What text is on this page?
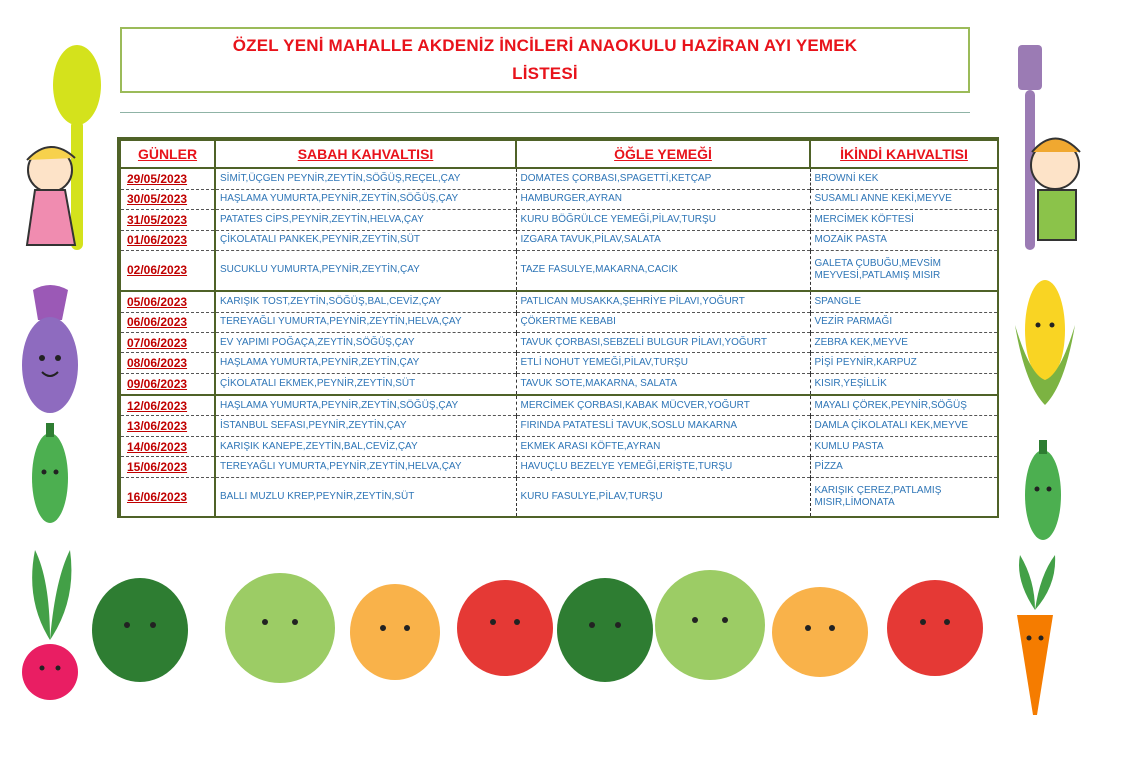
ÖZEL YENİ MAHALLE AKDENİZ İNCİLERİ ANAOKULU HAZİRAN AYI YEMEK
LİSTESİ
GÜNLER	SABAH KAHVALTISI	ÖĞLE YEMEĞİ	İKİNDİ KAHVALTISI
29/05/2023	SİMİT,ÜÇGEN PEYNİR,ZEYTİN,SÖĞÜŞ,REÇEL,ÇAY	DOMATES ÇORBASI,SPAGETTİ,KETÇAP	BROWNİ KEK
30/05/2023	HAŞLAMA YUMURTA,PEYNİR,ZEYTİN,SÖĞÜŞ,ÇAY	HAMBURGER,AYRAN	SUSAMLI ANNE KEKİ,MEYVE
31/05/2023	PATATES CİPS,PEYNİR,ZEYTİN,HELVA,ÇAY	KURU BÖĞRÜLCE YEMEĞİ,PİLAV,TURŞU	MERCİMEK KÖFTESİ
01/06/2023	ÇİKOLATALI PANKEK,PEYNİR,ZEYTİN,SÜT	IZGARA TAVUK,PİLAV,SALATA	MOZAİK PASTA
02/06/2023	SUCUKLU YUMURTA,PEYNİR,ZEYTİN,ÇAY	TAZE FASULYE,MAKARNA,CACIK	GALETA ÇUBUĞU,MEVSİM MEYVESİ,PATLAMIŞ MISIR
05/06/2023	KARIŞIK TOST,ZEYTİN,SÖĞÜŞ,BAL,CEVİZ,ÇAY	PATLICAN MUSAKKA,ŞEHRİYE PİLAVI,YOĞURT	SPANGLE
06/06/2023	TEREYAĞLI YUMURTA,PEYNİR,ZEYTİN,HELVA,ÇAY	ÇÖKERTME KEBABI	VEZİR PARMAĞI
07/06/2023	EV YAPIMI POĞAÇA,ZEYTİN,SÖĞÜŞ,ÇAY	TAVUK ÇORBASI,SEBZELİ BULGUR PİLAVI,YOĞURT	ZEBRA KEK,MEYVE
08/06/2023	HAŞLAMA YUMURTA,PEYNİR,ZEYTİN,ÇAY	ETLİ NOHUT YEMEĞİ,PİLAV,TURŞU	PİŞİ PEYNİR,KARPUZ
09/06/2023	ÇİKOLATALI EKMEK,PEYNİR,ZEYTİN,SÜT	TAVUK SOTE,MAKARNA, SALATA	KISIR,YEŞİLLİK
12/06/2023	HAŞLAMA YUMURTA,PEYNİR,ZEYTİN,SÖĞÜŞ,ÇAY	MERCİMEK ÇORBASI,KABAK MÜCVER,YOĞURT	MAYALI ÇÖREK,PEYNİR,SÖĞÜŞ
13/06/2023	İSTANBUL SEFASI,PEYNİR,ZEYTİN,ÇAY	FIRINDA PATATESLİ TAVUK,SOSLU MAKARNA	DAMLA ÇİKOLATALI KEK,MEYVE
14/06/2023	KARIŞIK KANEPE,ZEYTİN,BAL,CEVİZ,ÇAY	EKMEK ARASI KÖFTE,AYRAN	KUMLU PASTA
15/06/2023	TEREYAĞLI YUMURTA,PEYNİR,ZEYTİN,HELVA,ÇAY	HAVUÇLU BEZELYE YEMEĞİ,ERİŞTE,TURŞU	PİZZA
16/06/2023	BALLI MUZLU KREP,PEYNİR,ZEYTİN,SÜT	KURU FASULYE,PİLAV,TURŞU	KARIŞIK ÇEREZ,PATLAMIŞ MISIR,LİMONATA
